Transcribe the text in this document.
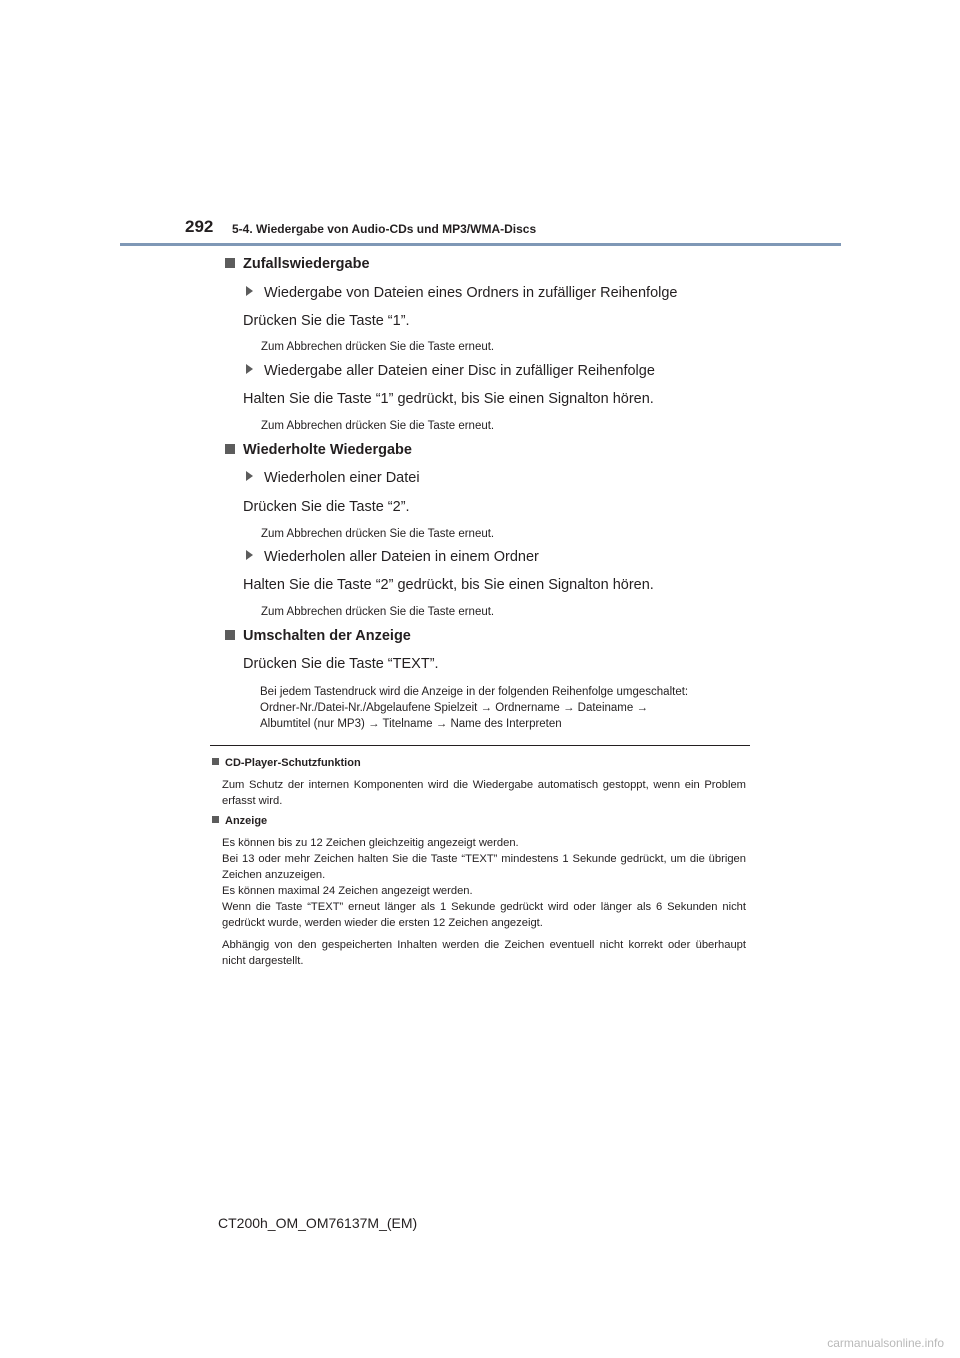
292 5-4. Wiedergabe von Audio-CDs und MP3/WMA-Discs
Zufallswiedergabe
Wiedergabe von Dateien eines Ordners in zufälliger Reihenfolge
Drücken Sie die Taste “1”.
Zum Abbrechen drücken Sie die Taste erneut.
Wiedergabe aller Dateien einer Disc in zufälliger Reihenfolge
Halten Sie die Taste “1” gedrückt, bis Sie einen Signalton hören.
Zum Abbrechen drücken Sie die Taste erneut.
Wiederholte Wiedergabe
Wiederholen einer Datei
Drücken Sie die Taste “2”.
Zum Abbrechen drücken Sie die Taste erneut.
Wiederholen aller Dateien in einem Ordner
Halten Sie die Taste “2” gedrückt, bis Sie einen Signalton hören.
Zum Abbrechen drücken Sie die Taste erneut.
Umschalten der Anzeige
Drücken Sie die Taste “TEXT”.
Bei jedem Tastendruck wird die Anzeige in der folgenden Reihenfolge umgeschaltet:
Ordner-Nr./Datei-Nr./Abgelaufene Spielzeit → Ordnername → Dateiname →
Albumtitel (nur MP3) → Titelname → Name des Interpreten
CD-Player-Schutzfunktion
Zum Schutz der internen Komponenten wird die Wiedergabe automatisch gestoppt, wenn ein Problem erfasst wird.
Anzeige
Es können bis zu 12 Zeichen gleichzeitig angezeigt werden.
Bei 13 oder mehr Zeichen halten Sie die Taste “TEXT” mindestens 1 Sekunde gedrückt, um die übrigen Zeichen anzuzeigen.
Es können maximal 24 Zeichen angezeigt werden.
Wenn die Taste “TEXT” erneut länger als 1 Sekunde gedrückt wird oder länger als 6 Sekunden nicht gedrückt wurde, werden wieder die ersten 12 Zeichen angezeigt.
Abhängig von den gespeicherten Inhalten werden die Zeichen eventuell nicht korrekt oder überhaupt nicht dargestellt.
CT200h_OM_OM76137M_(EM)
carmanualsonline.info
